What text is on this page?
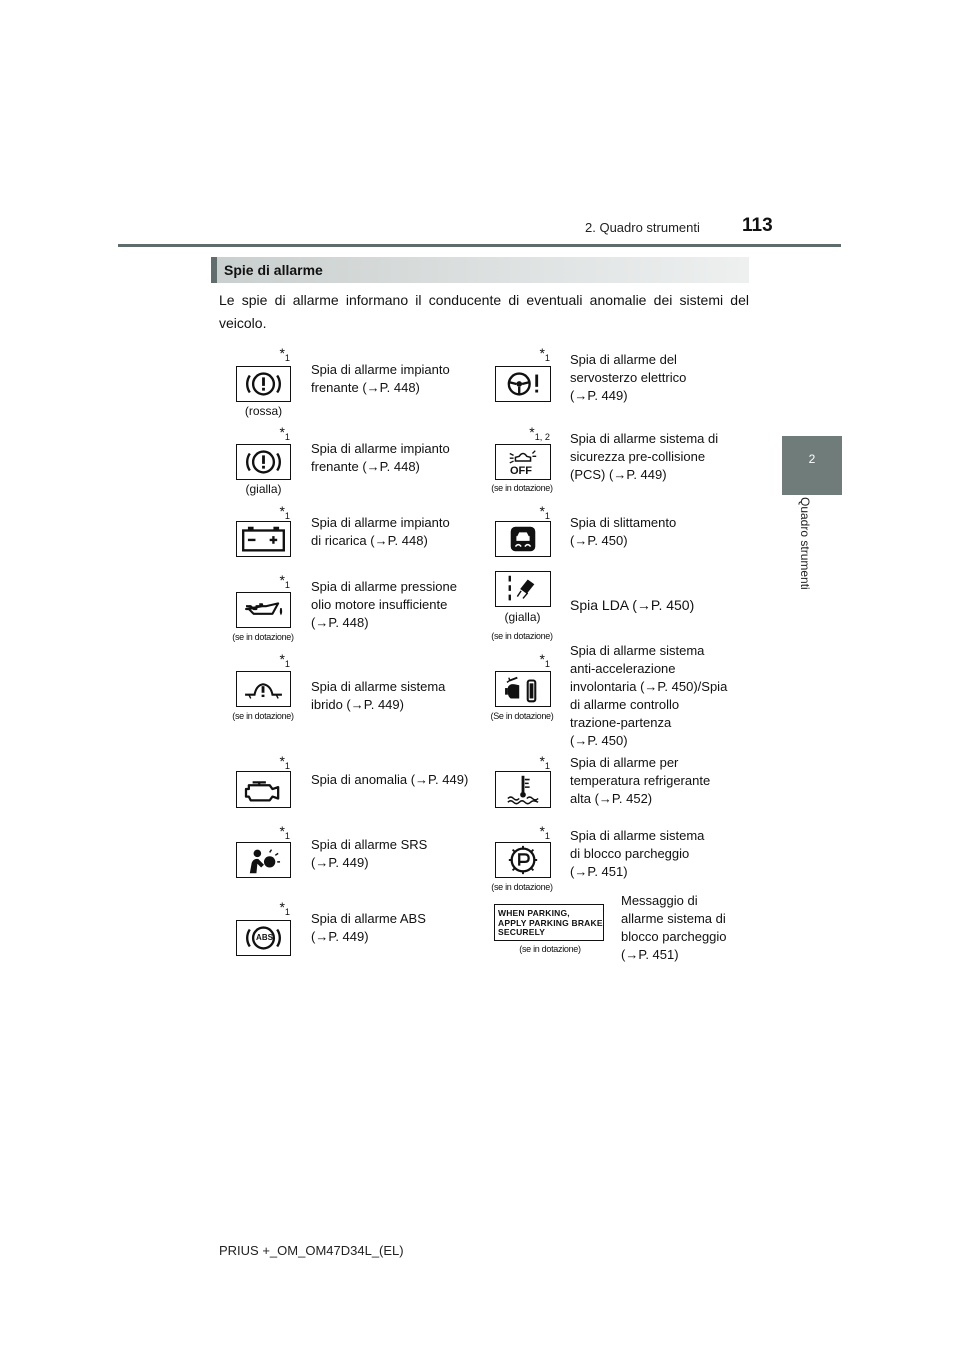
2. Quadro strumenti 113
2
Quadro strumenti
Spie di allarme
Le spie di allarme informano il conducente di eventuali anomalie dei sistemi del veicolo.
$*_1$
(rossa)
Spia di allarme impianto
frenante (→P. 448)
$*_1$ Spia di allarme del
servosterzo elettrico
(→P. 449)
$*_1$
(gialla)
Spia di allarme impianto
frenante (→P. 448)
$*_{1, 2}$
OFF
(se in dotazione)
Spia di allarme sistema di
sicurezza pre-collisione
(PCS) (→P. 449)
$*_1$ Spia di allarme impianto
di ricarica (→P. 448)
$*_1$ Spia di slittamento
(→P. 450)
$*_1$
(se in dotazione)
Spia di allarme pressione
olio motore insufficiente
(→P. 448)	(gialla)
(se in dotazione)
Spia LDA (→P. 450)
$*_1$
(se in dotazione)
Spia di allarme sistema
ibrido (→P. 449)
$*_1$
(Se in dotazione)
Spia di allarme sistema
anti-accelerazione
involontaria (→P. 450)/Spia
di allarme controllo
trazione-partenza
(→P. 450)
$*_1$
Spia di anomalia (→P. 449)
$*_1$ Spia di allarme per
temperatura refrigerante
alta (→P. 452)
$*_1$
Spia di allarme SRS
(→P. 449)
$*_1$
(se in dotazione)
Spia di allarme sistema
di blocco parcheggio
(→P. 451)
$*_1$
ABS
Spia di allarme ABS
(→P. 449)
WHEN PARKING,
APPLY PARKING BRAKE
SECURELY
(se in dotazione)
Messaggio di
allarme sistema di
blocco parcheggio
(→P. 451)
PRIUS +_OM_OM47D34L_(EL)
